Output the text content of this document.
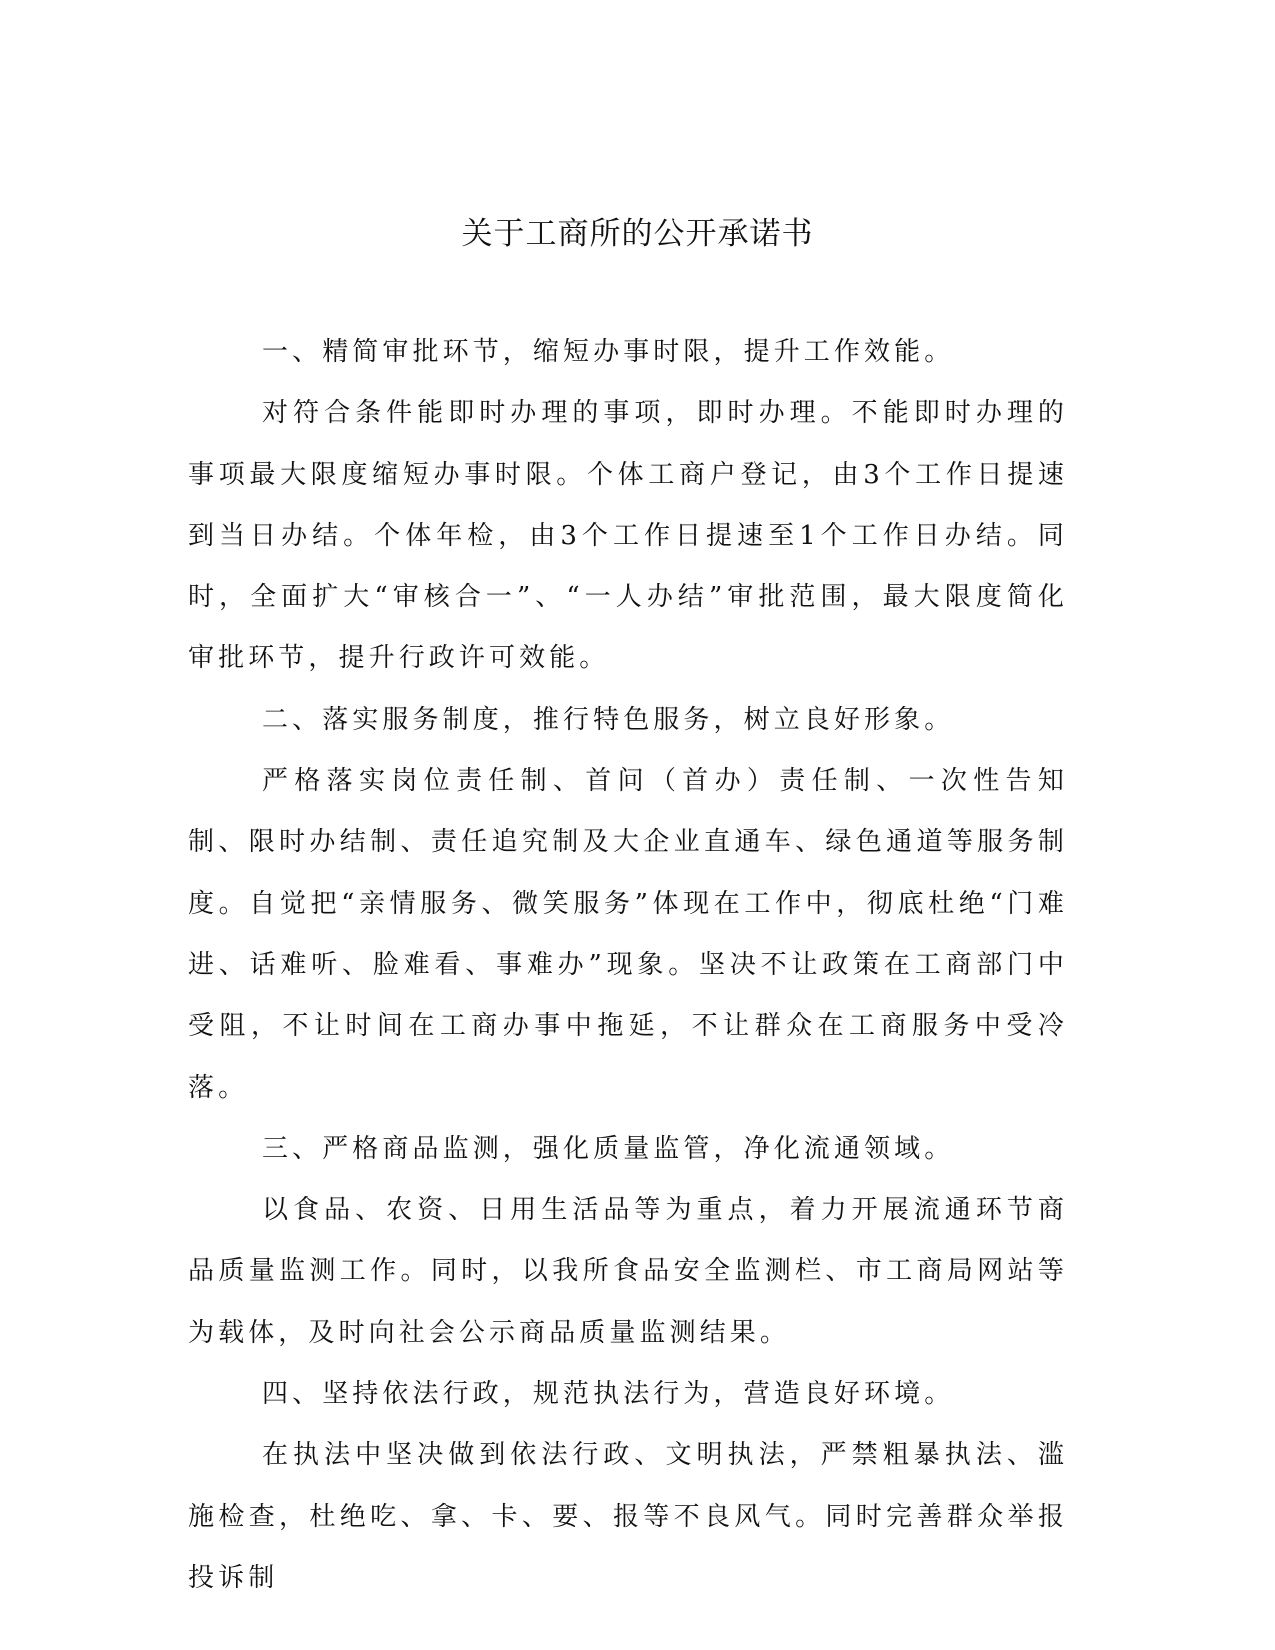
关于工商所的公开承诺书

一、精简审批环节，缩短办事时限，提升工作效能。

对符合条件能即时办理的事项，即时办理。不能即时办理的事项最大限度缩短办事时限。个体工商户登记，由3个工作日提速到当日办结。个体年检，由3个工作日提速至1个工作日办结。同时，全面扩大“审核合一”、“一人办结”审批范围，最大限度简化审批环节，提升行政许可效能。

二、落实服务制度，推行特色服务，树立良好形象。

严格落实岗位责任制、首问（首办）责任制、一次性告知制、限时办结制、责任追究制及大企业直通车、绿色通道等服务制度。自觉把“亲情服务、微笑服务”体现在工作中，彻底杜绝“门难进、话难听、脸难看、事难办”现象。坚决不让政策在工商部门中受阻，不让时间在工商办事中拖延，不让群众在工商服务中受冷落。

三、严格商品监测，强化质量监管，净化流通领域。

以食品、农资、日用生活品等为重点，着力开展流通环节商品质量监测工作。同时，以我所食品安全监测栏、市工商局网站等为载体，及时向社会公示商品质量监测结果。

四、坚持依法行政，规范执法行为，营造良好环境。

在执法中坚决做到依法行政、文明执法，严禁粗暴执法、滥施检查，杜绝吃、拿、卡、要、报等不良风气。同时完善群众举报投诉制
